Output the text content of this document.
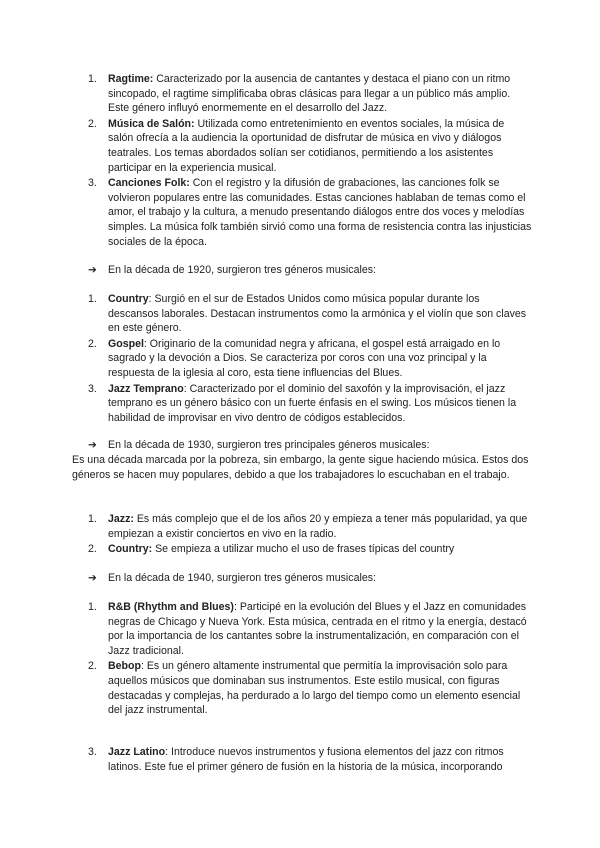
1. Ragtime: Caracterizado por la ausencia de cantantes y destaca el piano con un ritmo sincopado, el ragtime simplificaba obras clásicas para llegar a un público más amplio. Este género influyó enormemente en el desarrollo del Jazz.
2. Música de Salón: Utilizada como entretenimiento en eventos sociales, la música de salón ofrecía a la audiencia la oportunidad de disfrutar de música en vivo y diálogos teatrales. Los temas abordados solían ser cotidianos, permitiendo a los asistentes participar en la experiencia musical.
3. Canciones Folk: Con el registro y la difusión de grabaciones, las canciones folk se volvieron populares entre las comunidades. Estas canciones hablaban de temas como el amor, el trabajo y la cultura, a menudo presentando diálogos entre dos voces y melodías simples. La música folk también sirvió como una forma de resistencia contra las injusticias sociales de la época.
➔ En la década de 1920, surgieron tres géneros musicales:
1. Country: Surgió en el sur de Estados Unidos como música popular durante los descansos laborales. Destacan instrumentos como la armónica y el violín que son claves en este género.
2. Gospel: Originario de la comunidad negra y africana, el gospel está arraigado en lo sagrado y la devoción a Dios. Se caracteriza por coros con una voz principal y la respuesta de la iglesia al coro, esta tiene influencias del Blues.
3. Jazz Temprano: Caracterizado por el dominio del saxofón y la improvisación, el jazz temprano es un género básico con un fuerte énfasis en el swing. Los músicos tienen la habilidad de improvisar en vivo dentro de códigos establecidos.
➔ En la década de 1930, surgieron tres principales géneros musicales:
Es una década marcada por la pobreza, sin embargo, la gente sigue haciendo música. Estos dos géneros se hacen muy populares, debido a que los trabajadores lo escuchaban en el trabajo.
1. Jazz: Es más complejo que el de los años 20 y empieza a tener más popularidad, ya que empiezan a existir conciertos en vivo en la radio.
2. Country: Se empieza a utilizar mucho el uso de frases típicas del country
➔ En la década de 1940, surgieron tres géneros musicales:
1. R&B (Rhythm and Blues): Participé en la evolución del Blues y el Jazz en comunidades negras de Chicago y Nueva York. Esta música, centrada en el ritmo y la energía, destacó por la importancia de los cantantes sobre la instrumentalización, en comparación con el Jazz tradicional.
2. Bebop: Es un género altamente instrumental que permitía la improvisación solo para aquellos músicos que dominaban sus instrumentos. Este estilo musical, con figuras destacadas y complejas, ha perdurado a lo largo del tiempo como un elemento esencial del jazz instrumental.
3. Jazz Latino: Introduce nuevos instrumentos y fusiona elementos del jazz con ritmos latinos. Este fue el primer género de fusión en la historia de la música, incorporando
